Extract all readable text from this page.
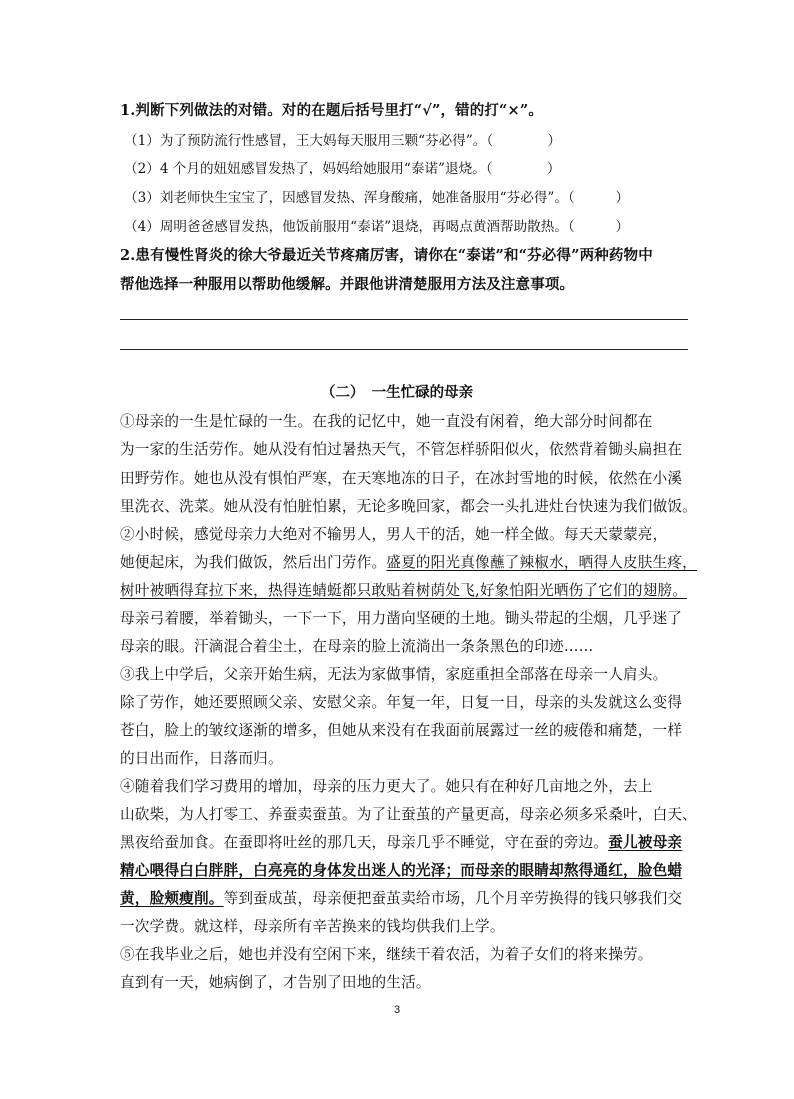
1.判断下列做法的对错。对的在题后括号里打“√”，错的打“×”。
（1）为了预防流行性感冒，王大妈每天服用三颗“芬必得”。（　　　　）
（2）4 个月的妞妞感冒发热了，妈妈给她服用“泰诺”退烧。（　　　　）
（3）刘老师快生宝宝了，因感冒发热、浑身酸痛，她准备服用“芬必得”。（　　　）
（4）周明爸爸感冒发热，他饭前服用“泰诺”退烧，再喝点黄酒帮助散热。（　　　）
2.患有慢性肾炎的徐大爷最近关节疼痛厉害，请你在“泰诺”和“芬必得”两种药物中
帮他选择一种服用以帮助他缓解。并跟他讲清楚服用方法及注意事项。
（二）　一生忙碌的母亲
①母亲的一生是忙碌的一生。在我的记忆中，她一直没有闲着，绝大部分时间都在
为一家的生活劳作。她从没有怕过暑热天气，不管怎样骄阳似火，依然背着锄头扁担在
田野劳作。她也从没有惧怕严寒，在天寒地冻的日子，在冰封雪地的时候，依然在小溪
里洗衣、洗菜。她从没有怕脏怕累，无论多晚回家，都会一头扎进灶台快速为我们做饭。
②小时候，感觉母亲力大绝对不输男人，男人干的活，她一样全做。每天天蒙蒙亮，
她便起床，为我们做饭，然后出门劳作。盛夏的阳光真像蘸了辣椒水，晒得人皮肤生疼，
树叶被晒得耷拉下来，热得连蜻蜓都只敢贴着树荫处飞,好象怕阳光晒伤了它们的翅膀。
母亲弓着腰，举着锄头，一下一下，用力凿向坚硬的土地。锄头带起的尘烟，几乎迷了
母亲的眼。汗滴混合着尘土，在母亲的脸上流淌出一条条黑色的印迹……
③我上中学后，父亲开始生病，无法为家做事情，家庭重担全部落在母亲一人肩头。
除了劳作，她还要照顾父亲、安慰父亲。年复一年，日复一日，母亲的头发就这么变得
苍白，脸上的皱纹逐渐的增多，但她从来没有在我面前展露过一丝的疲倦和痛楚，一样
的日出而作，日落而归。
④随着我们学习费用的增加，母亲的压力更大了。她只有在种好几亩地之外，去上
山砍柴，为人打零工、养蚕卖蚕茧。为了让蚕茧的产量更高，母亲必须多采桑叶，白天、
黑夜给蚕加食。在蚕即将吐丝的那几天，母亲几乎不睡觉，守在蚕的旁边。蚕儿被母亲
精心喂得白白胖胖，白亮亮的身体发出迷人的光泽；而母亲的眼睛却熬得通红，脸色蜡
黄，脸颊瘦削。等到蚕成茧，母亲便把蚕茧卖给市场，几个月辛劳换得的钱只够我们交
一次学费。就这样，母亲所有辛苦换来的钱均供我们上学。
⑤在我毕业之后，她也并没有空闲下来，继续干着农活，为着子女们的将来操劳。
直到有一天，她病倒了，才告别了田地的生活。
3
